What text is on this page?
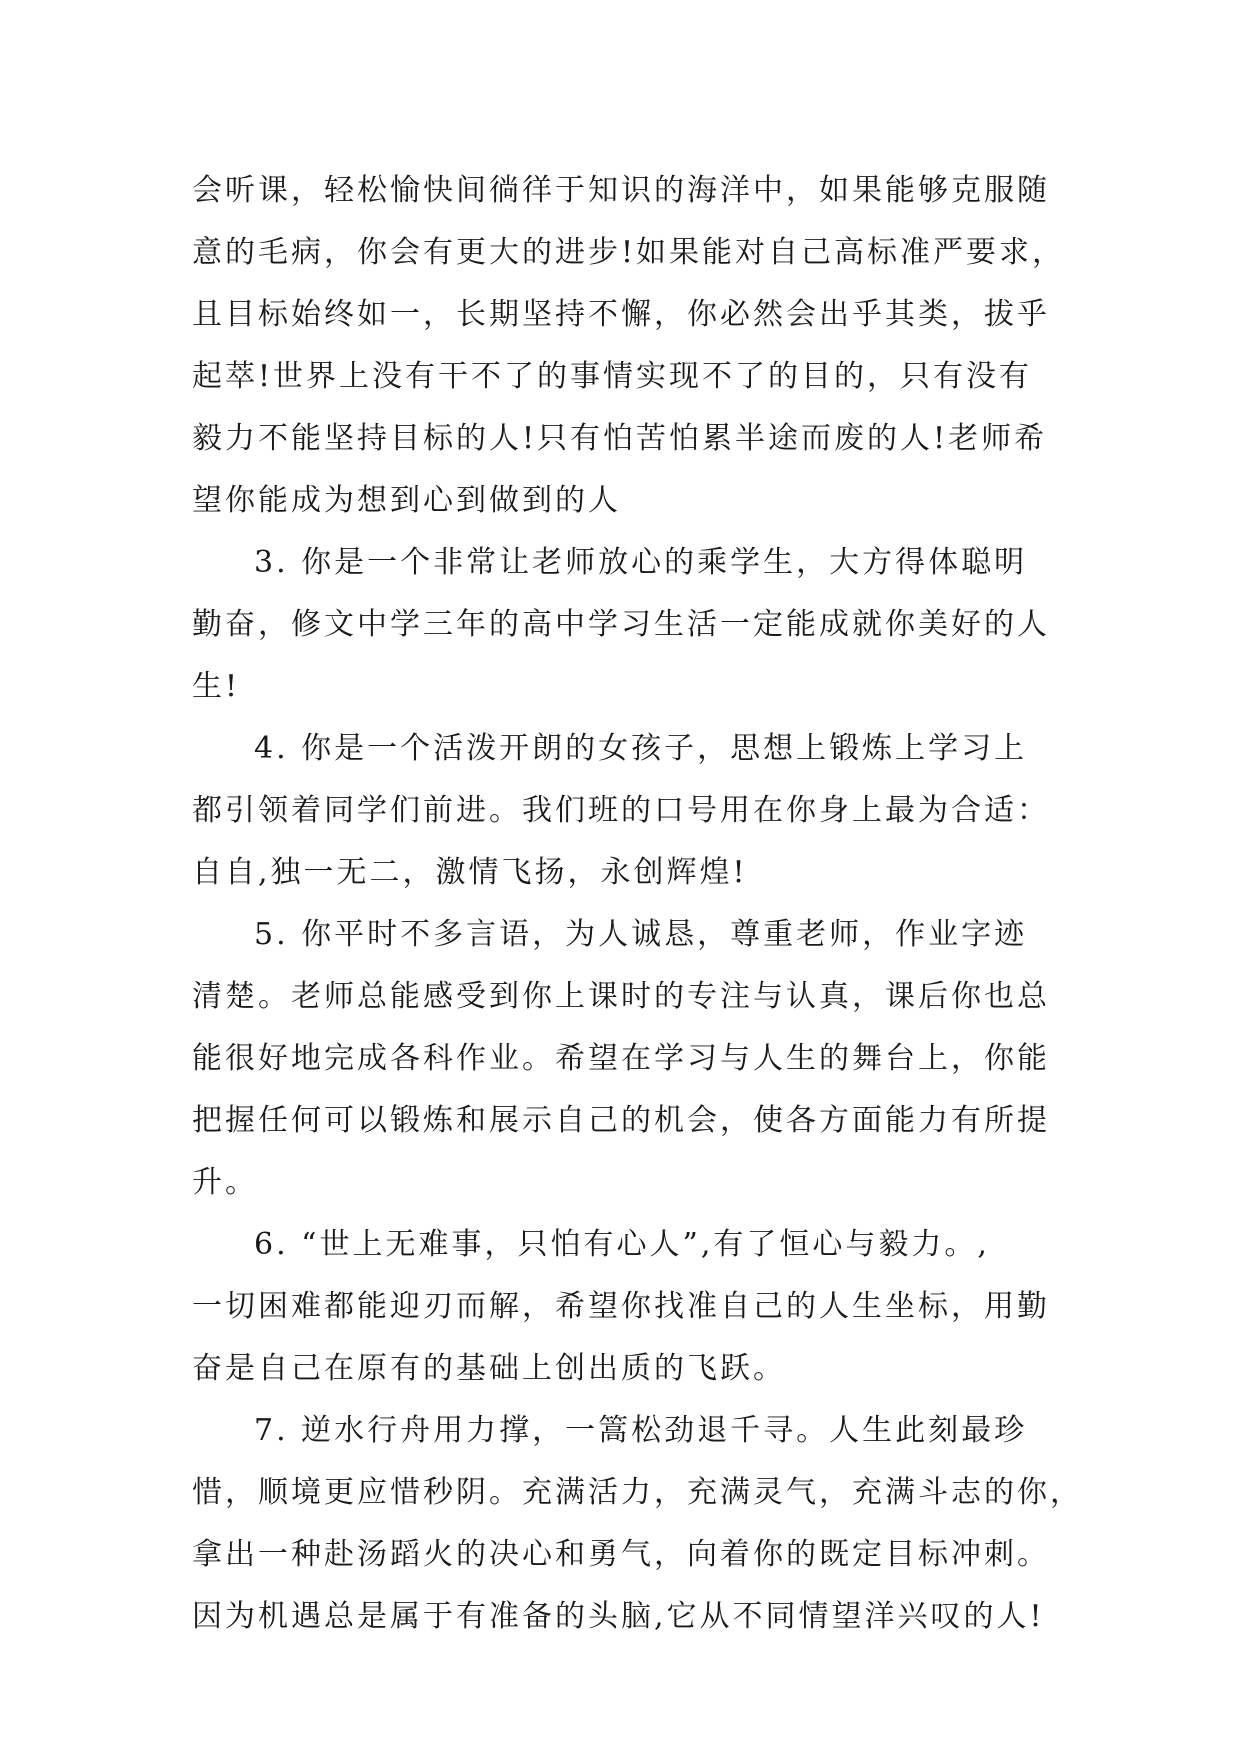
会听课，轻松愉快间徜徉于知识的海洋中，如果能够克服随
意的毛病，你会有更大的进步!如果能对自己高标准严要求，
且目标始终如一，长期坚持不懈，你必然会出乎其类，拔乎
起萃!世界上没有干不了的事情实现不了的目的，只有没有
毅力不能坚持目标的人!只有怕苦怕累半途而废的人!老师希
望你能成为想到心到做到的人

3. 你是一个非常让老师放心的乘学生，大方得体聪明
勤奋，修文中学三年的高中学习生活一定能成就你美好的人
生!

4. 你是一个活泼开朗的女孩子，思想上锻炼上学习上
都引领着同学们前进。我们班的口号用在你身上最为合适：
自自,独一无二，激情飞扬，永创辉煌!

5. 你平时不多言语，为人诚恳，尊重老师，作业字迹
清楚。老师总能感受到你上课时的专注与认真，课后你也总
能很好地完成各科作业。希望在学习与人生的舞台上，你能
把握任何可以锻炼和展示自己的机会，使各方面能力有所提
升。

6. “世上无难事，只怕有心人”,有了恒心与毅力。,
一切困难都能迎刃而解，希望你找准自己的人生坐标，用勤
奋是自己在原有的基础上创出质的飞跃。

7. 逆水行舟用力撑，一篙松劲退千寻。人生此刻最珍
惜，顺境更应惜秒阴。充满活力，充满灵气，充满斗志的你，
拿出一种赴汤蹈火的决心和勇气，向着你的既定目标冲刺。
因为机遇总是属于有准备的头脑,它从不同情望洋兴叹的人!
